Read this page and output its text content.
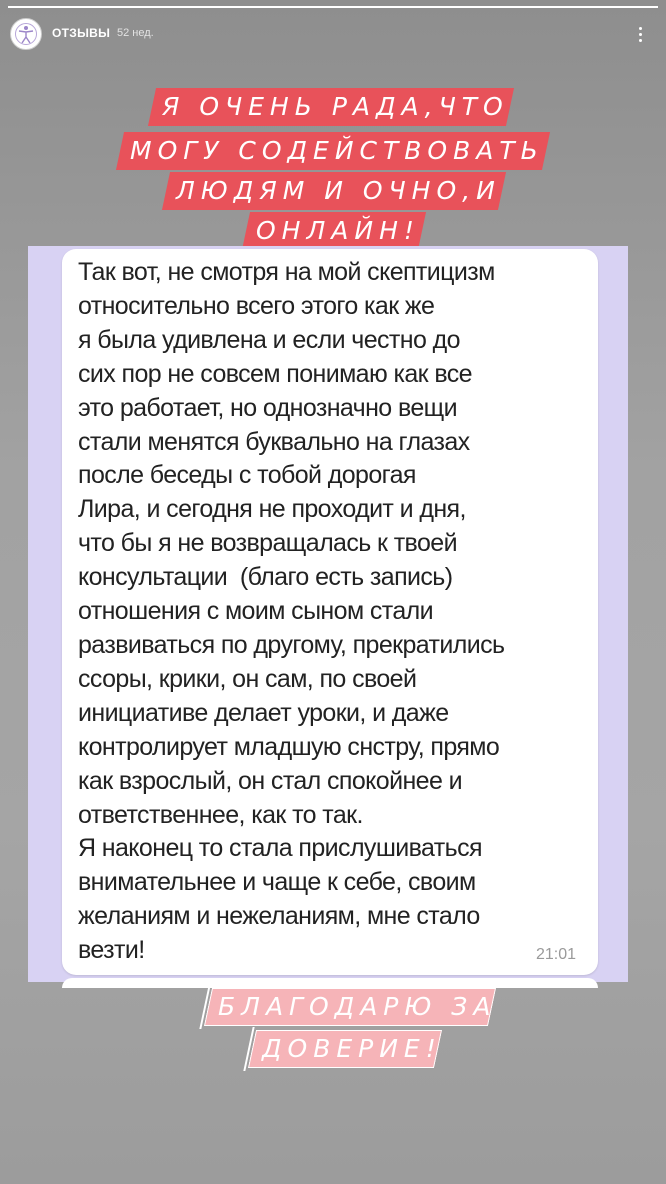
ОТЗЫВЫ 52 нед.
Я ОЧЕНЬ РАДА,ЧТО
МОГУ СОДЕЙСТВОВАТЬ
ЛЮДЯМ И ОЧНО,И
ОНЛАЙН!
Так вот, не смотря на мой скептицизм
относительно всего этого как же
я была удивлена и если честно до
сих пор не совсем понимаю как все
это работает, но однозначно вещи
стали менятся буквально на глазах
после беседы с тобой дорогая
Лира, и сегодня не проходит и дня,
что бы я не возвращалась к твоей
консультации  (благо есть запись)
отношения с моим сыном стали
развиваться по другому, прекратились
ссоры, крики, он сам, по своей
инициативе делает уроки, и даже
контролирует младшую снстру, прямо
как взрослый, он стал спокойнее и
ответственнее, как то так.
Я наконец то стала прислушиваться
внимательнее и чаще к себе, своим
желаниям и нежеланиям, мне стало
везти!	21:01
БЛАГОДАРЮ ЗА
ДОВЕРИЕ!
